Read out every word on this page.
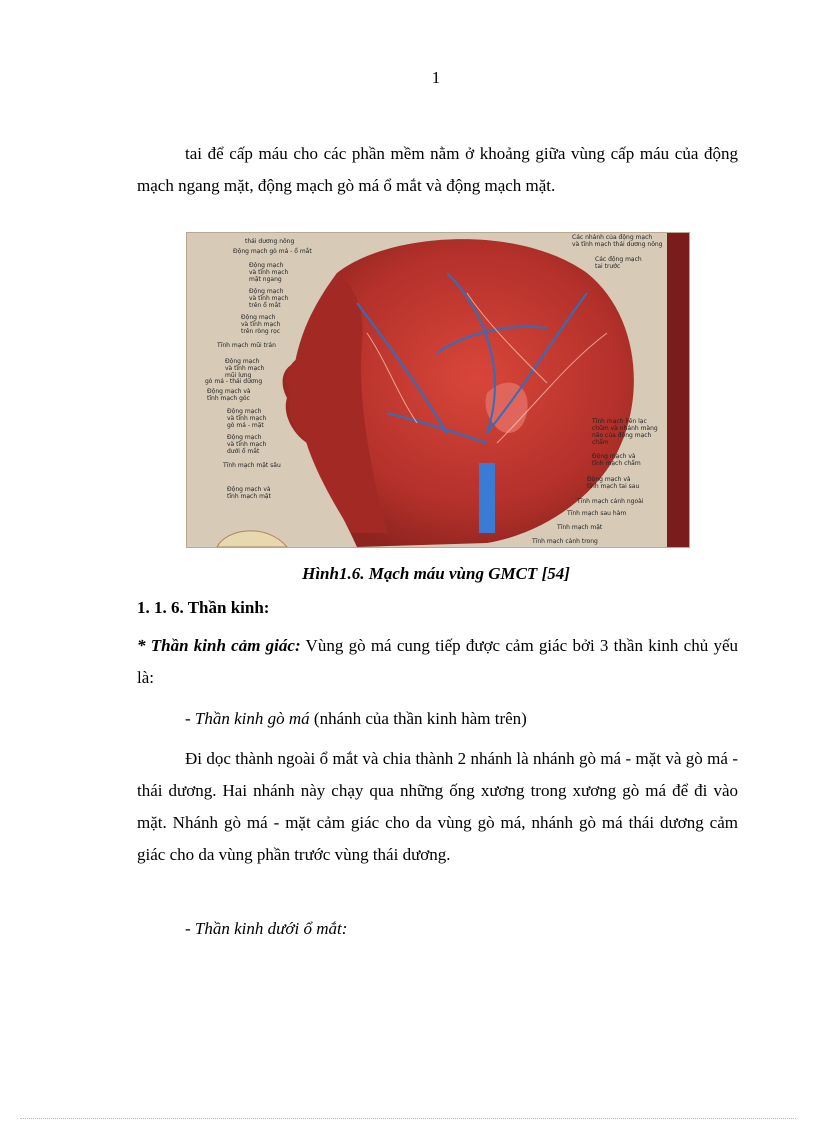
1

tai để cấp máu cho các phần mềm nằm ở khoảng giữa vùng cấp máu của động mạch ngang mặt, động mạch gò má ổ mắt và động mạch mặt.

thái dương nông
Động mạch gò má - ổ mắt
Động mạch
và tĩnh mạch
mặt ngang
Động mạch
và tĩnh mạch
trên ổ mắt
Động mạch
và tĩnh mạch
trên ròng rọc
Tĩnh mạch mũi trán
Động mạch
và tĩnh mạch
mũi lưng
gò má - thái dương
Động mạch và
tĩnh mạch góc
Động mạch
và tĩnh mạch
gò má - mặt
Động mạch
và tĩnh mạch
dưới ổ mắt
Tĩnh mạch mặt sâu
Động mạch và
tĩnh mạch mặt
Các nhánh của động mạch
và tĩnh mạch thái dương nông
Các động mạch
tai trước
Tĩnh mạch liên lạc
chũm và nhánh màng
não của động mạch
chẩm
Động mạch và
tĩnh mạch chẩm
Động mạch và
tĩnh mạch tai sau
Tĩnh mạch cảnh ngoài
Tĩnh mạch sau hàm
Tĩnh mạch mặt
Tĩnh mạch cảnh trong
Hình1.6. Mạch máu vùng GMCT [54]
1. 1. 6. Thần kinh:

* Thần kinh cảm giác: Vùng gò má cung tiếp được cảm giác bởi 3 thần kinh chủ yếu là:

- Thần kinh gò má (nhánh của thần kinh hàm trên)

Đi dọc thành ngoài ổ mắt và chia thành 2 nhánh là nhánh gò má - mặt và gò má - thái dương. Hai nhánh này chạy qua những ống xương trong xương gò má để đi vào mặt. Nhánh gò má - mặt cảm giác cho da vùng gò má, nhánh gò má thái dương cảm giác cho da vùng phần trước vùng thái dương.

- Thần kinh dưới ổ mắt:
